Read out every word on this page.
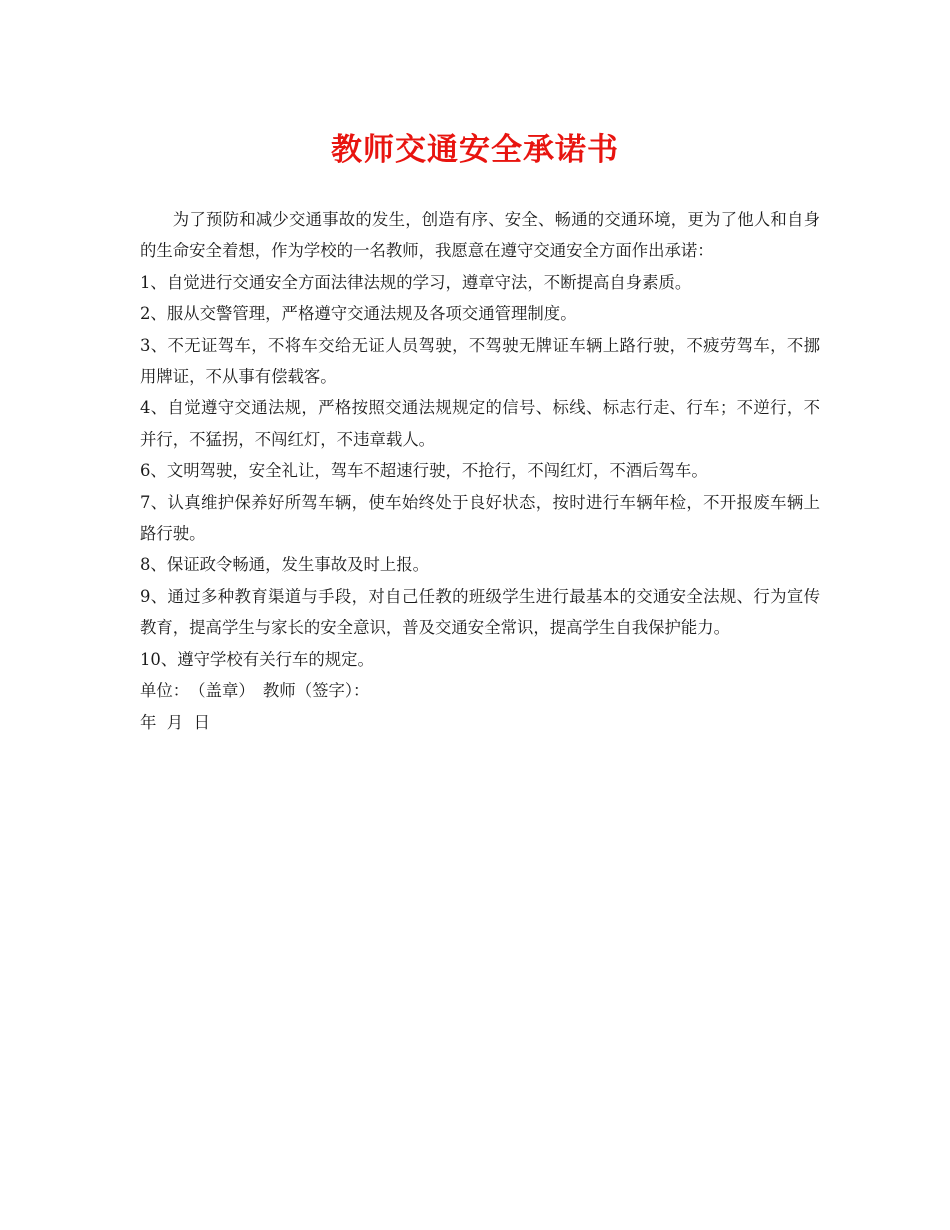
教师交通安全承诺书

为了预防和减少交通事故的发生，创造有序、安全、畅通的交通环境，更为了他人和自身的生命安全着想，作为学校的一名教师，我愿意在遵守交通安全方面作出承诺：

1、自觉进行交通安全方面法律法规的学习，遵章守法，不断提高自身素质。

2、服从交警管理，严格遵守交通法规及各项交通管理制度。

3、不无证驾车，不将车交给无证人员驾驶，不驾驶无牌证车辆上路行驶，不疲劳驾车，不挪用牌证，不从事有偿载客。

4、自觉遵守交通法规，严格按照交通法规规定的信号、标线、标志行走、行车；不逆行，不并行，不猛拐，不闯红灯，不违章载人。

6、文明驾驶，安全礼让，驾车不超速行驶，不抢行，不闯红灯，不酒后驾车。

7、认真维护保养好所驾车辆，使车始终处于良好状态，按时进行车辆年检，不开报废车辆上路行驶。

8、保证政令畅通，发生事故及时上报。

9、通过多种教育渠道与手段，对自己任教的班级学生进行最基本的交通安全法规、行为宣传教育，提高学生与家长的安全意识，普及交通安全常识，提高学生自我保护能力。

10、遵守学校有关行车的规定。

单位：　（盖章）　教师（签字）：

年  月  日
